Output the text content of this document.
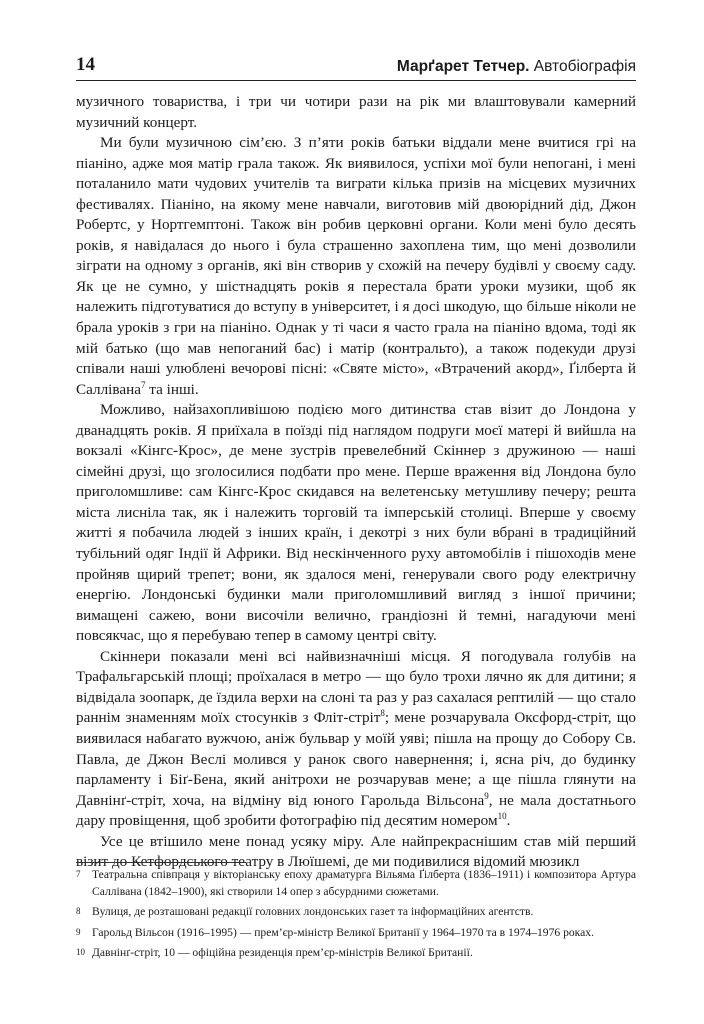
14	Марґарет Тетчер. Автобіографія

музичного товариства, і три чи чотири рази на рік ми влаштовували камерний музичний концерт.

Ми були музичною сім’єю. З п’яти років батьки віддали мене вчитися грі на піаніно, адже моя матір грала також. Як виявилося, успіхи мої були непогані, і мені поталанило мати чудових учителів та виграти кілька призів на місцевих музичних фестивалях. Піаніно, на якому мене навчали, виготовив мій двоюрідний дід, Джон Робертс, у Нортгемптоні. Також він робив церковні органи. Коли мені було десять років, я навідалася до нього і була страшенно захоплена тим, що мені дозволили зіграти на одному з органів, які він створив у схожій на печеру будівлі у своєму саду. Як це не сумно, у шістнадцять років я перестала брати уроки музики, щоб як належить підготуватися до вступу в університет, і я досі шкодую, що більше ніколи не брала уроків з гри на піаніно. Однак у ті часи я часто грала на піаніно вдома, тоді як мій батько (що мав непоганий бас) і матір (контральто), а також подекуди друзі співали наші улюблені вечорові пісні: «Святе місто», «Втрачений акорд», Ґілберта й Саллівана$^7$ та інші.

Можливо, найзахопливішою подією мого дитинства став візит до Лондона у дванадцять років. Я приїхала в поїзді під наглядом подруги моєї матері й вийшла на вокзалі «Кінгс-Крос», де мене зустрів превелебний Скіннер з дружиною — наші сімейні друзі, що зголосилися подбати про мене. Перше враження від Лондона було приголомшливе: сам Кінгс-Крос скидався на велетенську метушливу печеру; решта міста лисніла так, як і належить торговій та імперській столиці. Вперше у своєму житті я побачила людей з інших країн, і декотрі з них були вбрані в традиційний тубільний одяг Індії й Африки. Від нескінченного руху автомобілів і пішоходів мене пройняв щирий трепет; вони, як здалося мені, генерували свого роду електричну енергію. Лондонські будинки мали приголомшливий вигляд з іншої причини; вимащені сажею, вони височіли велично, грандіозні й темні, нагадуючи мені повсякчас, що я перебуваю тепер в самому центрі світу.

Скіннери показали мені всі найвизначніші місця. Я погодувала голубів на Трафальгарській площі; проїхалася в метро — що було трохи лячно як для дитини; я відвідала зоопарк, де їздила верхи на слоні та раз у раз сахалася рептилій — що стало раннім знаменням моїх стосунків з Фліт-стріт$^8$; мене розчарувала Оксфорд-стріт, що виявилася набагато вужчою, аніж бульвар у моїй уяві; пішла на прощу до Собору Св. Павла, де Джон Веслі молився у ранок свого навернення; і, ясна річ, до будинку парламенту і Біґ-Бена, який анітрохи не розчарував мене; а ще пішла глянути на Давнінґ-стріт, хоча, на відміну від юного Гарольда Вільсона$^9$, не мала достатнього дару провіщення, щоб зробити фотографію під десятим номером$^{10}$.

Усе це втішило мене понад усяку міру. Але найпрекраснішим став мій перший візит до Кетфордського театру в Люїшемі, де ми подивилися відомий мюзикл

7 Театральна співпраця у вікторіанську епоху драматурга Вільяма Ґілберта (1836–1911) і композитора Артура Саллівана (1842–1900), які створили 14 опер з абсурдними сюжетами.
8 Вулиця, де розташовані редакції головних лондонських газет та інформаційних агентств.
9 Гарольд Вільсон (1916–1995) — прем’єр-міністр Великої Британії у 1964–1970 та в 1974–1976 роках.
10 Давнінґ-стріт, 10 — офіційна резиденція прем’єр-міністрів Великої Британії.
